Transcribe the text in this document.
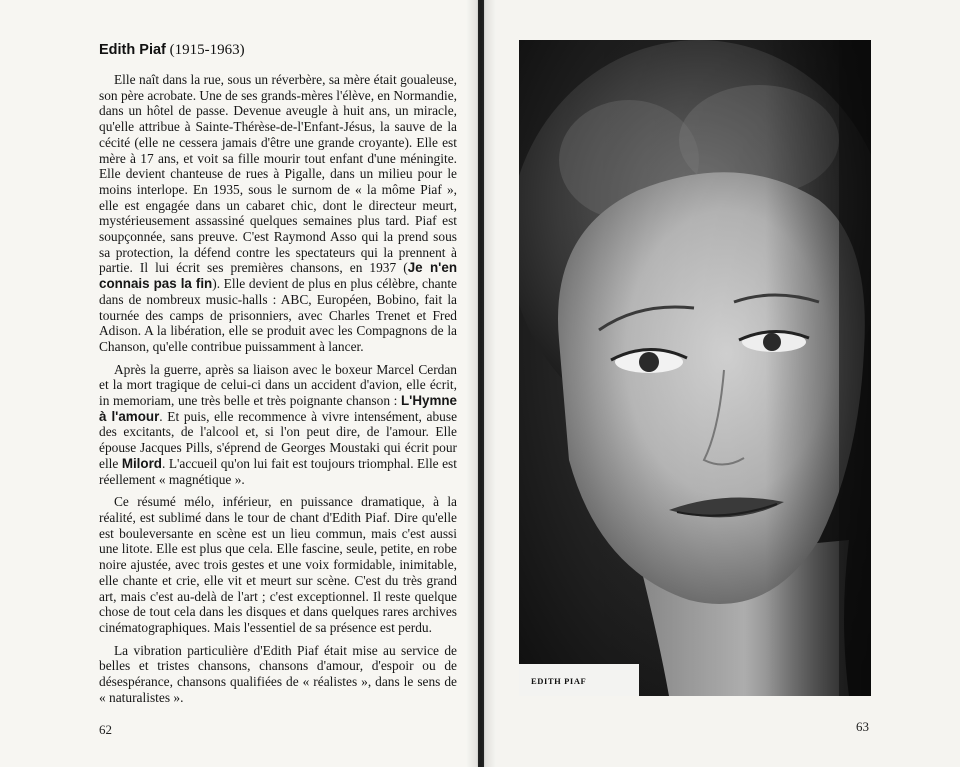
Edith Piaf (1915-1963)

Elle naît dans la rue, sous un réverbère, sa mère était goualeuse, son père acrobate. Une de ses grands-mères l'élève, en Normandie, dans un hôtel de passe. Devenue aveugle à huit ans, un miracle, qu'elle attribue à Sainte-Thérèse-de-l'Enfant-Jésus, la sauve de la cécité (elle ne cessera jamais d'être une grande croyante). Elle est mère à 17 ans, et voit sa fille mourir tout enfant d'une méningite. Elle devient chanteuse de rues à Pigalle, dans un milieu pour le moins interlope. En 1935, sous le surnom de « la môme Piaf », elle est engagée dans un cabaret chic, dont le directeur meurt, mystérieusement assassiné quelques semaines plus tard. Piaf est soupçonnée, sans preuve. C'est Raymond Asso qui la prend sous sa protection, la défend contre les spectateurs qui la prennent à partie. Il lui écrit ses premières chansons, en 1937 (Je n'en connais pas la fin). Elle devient de plus en plus célèbre, chante dans de nombreux music-halls : ABC, Européen, Bobino, fait la tournée des camps de prisonniers, avec Charles Trenet et Fred Adison. A la libération, elle se produit avec les Compagnons de la Chanson, qu'elle contribue puissamment à lancer.

Après la guerre, après sa liaison avec le boxeur Marcel Cerdan et la mort tragique de celui-ci dans un accident d'avion, elle écrit, in memoriam, une très belle et très poignante chanson : L'Hymne à l'amour. Et puis, elle recommence à vivre intensément, abuse des excitants, de l'alcool et, si l'on peut dire, de l'amour. Elle épouse Jacques Pills, s'éprend de Georges Moustaki qui écrit pour elle Milord. L'accueil qu'on lui fait est toujours triomphal. Elle est réellement « magnétique ».

Ce résumé mélo, inférieur, en puissance dramatique, à la réalité, est sublimé dans le tour de chant d'Edith Piaf. Dire qu'elle est bouleversante en scène est un lieu commun, mais c'est aussi une litote. Elle est plus que cela. Elle fascine, seule, petite, en robe noire ajustée, avec trois gestes et une voix formidable, inimitable, elle chante et crie, elle vit et meurt sur scène. C'est du très grand art, mais c'est au-delà de l'art ; c'est exceptionnel. Il reste quelque chose de tout cela dans les disques et dans quelques rares archives cinématographiques. Mais l'essentiel de sa présence est perdu.

La vibration particulière d'Edith Piaf était mise au service de belles et tristes chansons, chansons d'amour, d'espoir ou de désespérance, chansons qualifiées de « réalistes », dans le sens de « naturalistes ».

62
EDITH PIAF
63
